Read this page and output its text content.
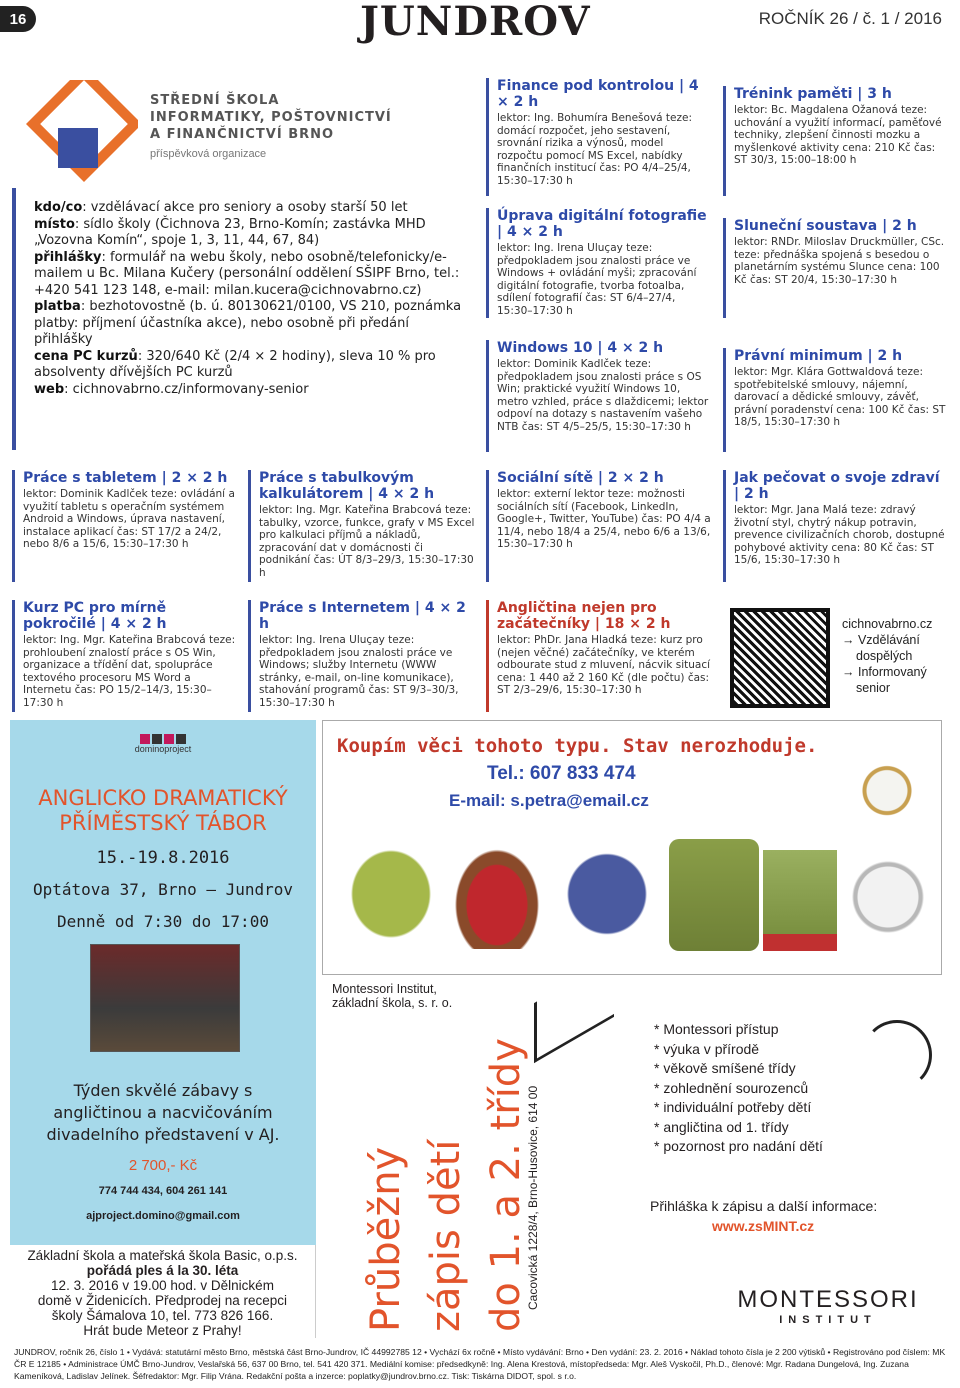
16	JUNDROV	ROČNÍK 26 / č. 1 / 2016
STŘEDNÍ ŠKOLA
INFORMATIKY, POŠTOVNICTVÍ
A FINANČNICTVÍ BRNO
příspěvková organizace

kdo/co: vzdělávací akce pro seniory a osoby starší 50 let

místo: sídlo školy (Čichnova 23, Brno-Komín; zastávka MHD „Vozovna Komín“, spoje 1, 3, 11, 44, 67, 84)

přihlášky: formulář na webu školy, nebo osobně/telefonicky/e-mailem u Bc. Milana Kučery (personální oddělení SŠIPF Brno, tel.: +420 541 123 148, e-mail: milan.kucera@cichnovabrno.cz)

platba: bezhotovostně (b. ú. 80130621/0100, VS 210, poznámka platby: příjmení účastníka akce), nebo osobně při předání přihlášky

cena PC kurzů: 320/640 Kč (2/4 × 2 hodiny), sleva 10 % pro absolventy dřívějších PC kurzů

web: cichnovabrno.cz/informovany-senior

Finance pod kontrolou | 4 × 2 h
lektor: Ing. Bohumíra Benešová teze: domácí rozpočet, jeho sestavení, srovnání rizika a výnosů, model rozpočtu pomocí MS Excel, nabídky finančních institucí čas: PO 4/4–25/4, 15:30–17:30 h
Trénink paměti | 3 h
lektor: Bc. Magdalena Ožanová teze: uchování a využití informací, paměťové techniky, zlepšení činnosti mozku a myšlenkové aktivity cena: 210 Kč čas: ST 30/3, 15:00–18:00 h
Úprava digitální fotografie | 4 × 2 h
lektor: Ing. Irena Uluçay teze: předpokladem jsou znalosti práce ve Windows + ovládání myši; zpracování digitální fotografie, tvorba fotoalba, sdílení fotografií čas: ST 6/4–27/4, 15:30–17:30 h
Sluneční soustava | 2 h
lektor: RNDr. Miloslav Druckmüller, CSc. teze: přednáška spojená s besedou o planetárním systému Slunce cena: 100 Kč čas: ST 20/4, 15:30–17:30 h
Windows 10 | 4 × 2 h
lektor: Dominik Kadlček teze: předpokladem jsou znalosti práce s OS Win; praktické využití Windows 10, metro vzhled, práce s dlaždicemi; lektor odpoví na dotazy s nastavením vašeho NTB čas: ST 4/5–25/5, 15:30–17:30 h
Právní minimum | 2 h
lektor: Mgr. Klára Gottwaldová teze: spotřebitelské smlouvy, nájemní, darovací a dědické smlouvy, závěť, právní poradenství cena: 100 Kč čas: ST 18/5, 15:30–17:30 h
Práce s tabletem | 2 × 2 h
lektor: Dominik Kadlček teze: ovládání a využití tabletu s operačním systémem Android a Windows, úprava nastavení, instalace aplikací čas: ST 17/2 a 24/2, nebo 8/6 a 15/6, 15:30–17:30 h
Práce s tabulkovým kalkulátorem | 4 × 2 h
lektor: Ing. Mgr. Kateřina Brabcová teze: tabulky, vzorce, funkce, grafy v MS Excel pro kalkulaci příjmů a nákladů, zpracování dat v domácnosti či podnikání čas: ÚT 8/3–29/3, 15:30–17:30 h
Sociální sítě | 2 × 2 h
lektor: externí lektor teze: možnosti sociálních sítí (Facebook, LinkedIn, Google+, Twitter, YouTube) čas: PO 4/4 a 11/4, nebo 18/4 a 25/4, nebo 6/6 a 13/6, 15:30–17:30 h
Jak pečovat o svoje zdraví | 2 h
lektor: Mgr. Jana Malá teze: zdravý životní styl, chytrý nákup potravin, prevence civilizačních chorob, dostupné pohybové aktivity cena: 80 Kč čas: ST 15/6, 15:30–17:30 h
Kurz PC pro mírně pokročilé | 4 × 2 h
lektor: Ing. Mgr. Kateřina Brabcová teze: prohloubení znalostí práce s OS Win, organizace a třídění dat, spolupráce textového procesoru MS Word a Internetu čas: PO 15/2–14/3, 15:30–17:30 h
Práce s Internetem | 4 × 2 h
lektor: Ing. Irena Uluçay teze: předpokladem jsou znalosti práce ve Windows; služby Internetu (WWW stránky, e-mail, on-line komunikace), stahování programů čas: ST 9/3–30/3, 15:30–17:30 h
Angličtina nejen pro začátečníky | 18 × 2 h
lektor: PhDr. Jana Hladká teze: kurz pro (nejen věčné) začátečníky, ve kterém odbourate stud z mluvení, nácvik situací cena: 1 440 až 2 160 Kč (dle počtu) čas: ST 2/3–29/6, 15:30–17:30 h
cichnovabrno.cz
→ Vzdělávání
dospělých
→ Informovaný
senior
dominoproject
ANGLICKO DRAMATICKÝ
PŘÍMĚSTSKÝ TÁBOR
15.-19.8.2016
Optátova 37, Brno – Jundrov
Denně od 7:30 do 17:00
Týden skvělé zábavy s angličtinou a nacvičováním divadelního představení v AJ.
2 700,- Kč
774 744 434, 604 261 141
ajproject.domino@gmail.com
Základní škola a mateřská škola Basic, o.p.s.
pořádá ples á la 30. léta
12. 3. 2016 v 19.00 hod. v Dělnickém
domě v Židenicích. Předprodej na recepci
školy Šámalova 10, tel. 773 826 166.
Hrát bude Meteor z Prahy!
Koupím věci tohoto typu. Stav nerozhoduje.
Tel.: 607 833 474
E-mail: s.petra@email.cz
Montessori Institut,
základní škola, s. r. o.
Průběžný zápis dětí do 1. a 2. třídy
Cacovická 1228/4, Brno-Husovice, 614 00
* Montessori přístup
* výuka v přírodě
* věkově smíšené třídy
* zohlednění sourozenců
* individuální potřeby dětí
* angličtina od 1. třídy
* pozornost pro nadání dětí
Přihláška k zápisu a další informace:
www.zsMINT.cz
MONTESSORI
INSTITUT
JUNDROV, ročník 26, číslo 1 • Vydává: statutární město Brno, městská část Brno-Jundrov, IČ 44992785 12 • Vychází 6x ročně • Místo vydávání: Brno • Den vydání: 23. 2. 2016 • Náklad tohoto čísla je 2 200 výtisků • Registrováno pod číslem: MK ČR E 12185 • Administrace ÚMČ Brno-Jundrov, Veslařská 56, 637 00 Brno, tel. 541 420 371. Mediální komise: předsedkyně: Ing. Alena Krestová, místopředseda: Mgr. Aleš Vyskočil, Ph.D., členové: Mgr. Radana Dungelová, Ing. Zuzana Kameníková, Ladislav Jelínek. Šéfredaktor: Mgr. Filip Vrána. Redakční pošta a inzerce: poplatky@jundrov.brno.cz. Tisk: Tiskárna DIDOT, spol. s r.o.
